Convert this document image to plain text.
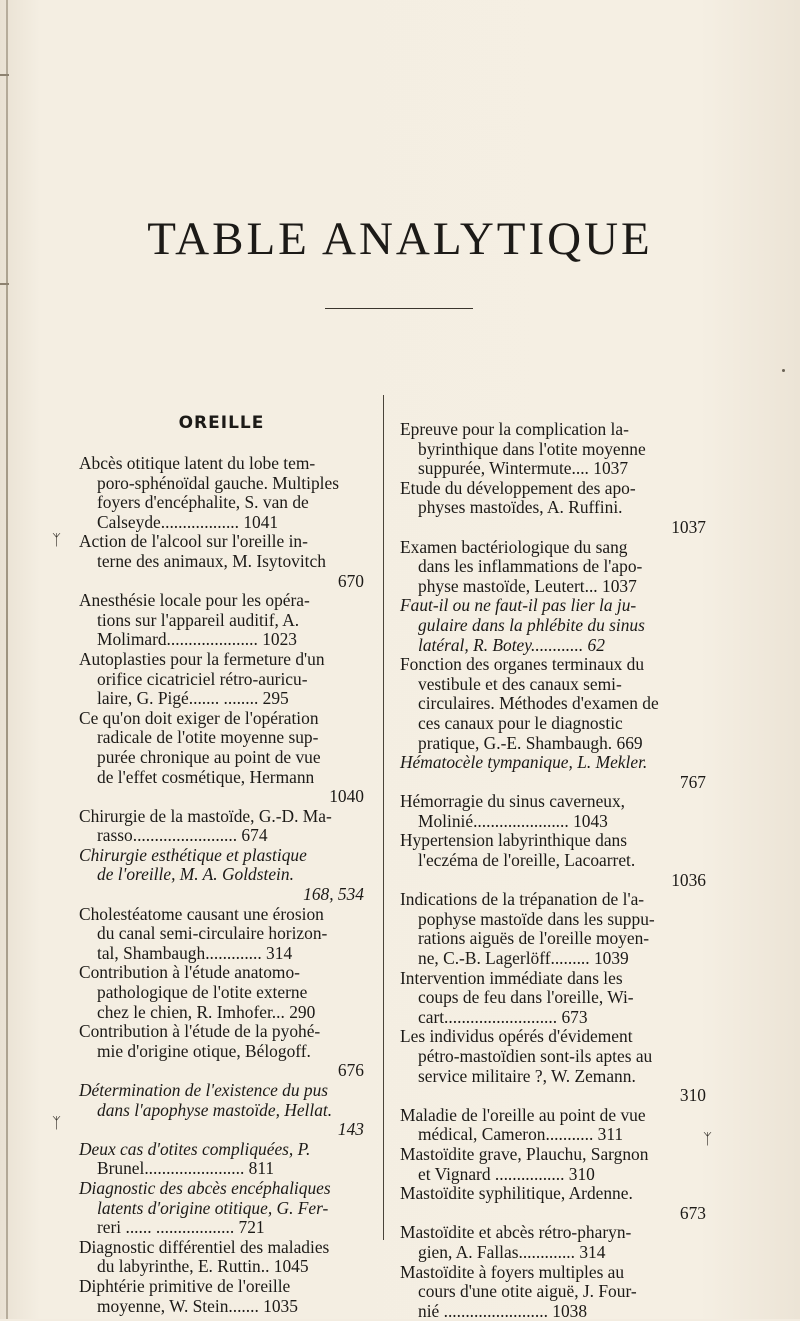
TABLE ANALYTIQUE
OREILLE
Abcès otitique latent du lobe tem-
poro-sphénoïdal gauche. Multiples
foyers d'encéphalite, S. van de
Calseyde.................. 1041
Action de l'alcool sur l'oreille in-
terne des animaux, M. Isytovitch
670
Anesthésie locale pour les opéra-
tions sur l'appareil auditif, A.
Molimard..................... 1023
Autoplasties pour la fermeture d'un
orifice cicatriciel rétro-auricu-
laire, G. Pigé....... ........ 295
Ce qu'on doit exiger de l'opération
radicale de l'otite moyenne sup-
purée chronique au point de vue
de l'effet cosmétique, Hermann
1040
Chirurgie de la mastoïde, G.-D. Ma-
rasso........................ 674
Chirurgie esthétique et plastique
de l'oreille, M. A. Goldstein.
168, 534
Cholestéatome causant une érosion
du canal semi-circulaire horizon-
tal, Shambaugh............. 314
Contribution à l'étude anatomo-
pathologique de l'otite externe
chez le chien, R. Imhofer... 290
Contribution à l'étude de la pyohé-
mie d'origine otique, Bélogoff.
676
Détermination de l'existence du pus
dans l'apophyse mastoïde, Hellat.
143
Deux cas d'otites compliquées, P.
Brunel....................... 811
Diagnostic des abcès encéphaliques
latents d'origine otitique, G. Fer-
reri ...... .................. 721
Diagnostic différentiel des maladies
du labyrinthe, E. Ruttin.. 1045
Diphtérie primitive de l'oreille
moyenne, W. Stein....... 1035
Epreuve pour la complication la-
byrinthique dans l'otite moyenne
suppurée, Wintermute.... 1037
Etude du développement des apo-
physes mastoïdes, A. Ruffini.
1037
Examen bactériologique du sang
dans les inflammations de l'apo-
physe mastoïde, Leutert... 1037
Faut-il ou ne faut-il pas lier la ju-
gulaire dans la phlébite du sinus
latéral, R. Botey............ 62
Fonction des organes terminaux du
vestibule et des canaux semi-
circulaires. Méthodes d'examen de
ces canaux pour le diagnostic
pratique, G.-E. Shambaugh. 669
Hématocèle tympanique, L. Mekler.
767
Hémorragie du sinus caverneux,
Molinié...................... 1043
Hypertension labyrinthique dans
l'eczéma de l'oreille, Lacoarret.
1036
Indications de la trépanation de l'a-
pophyse mastoïde dans les suppu-
rations aiguës de l'oreille moyen-
ne, C.-B. Lagerlöff......... 1039
Intervention immédiate dans les
coups de feu dans l'oreille, Wi-
cart.......................... 673
Les individus opérés d'évidement
pétro-mastoïdien sont-ils aptes au
service militaire ?, W. Zemann.
310
Maladie de l'oreille au point de vue
médical, Cameron........... 311
Mastoïdite grave, Plauchu, Sargnon
et Vignard ................ 310
Mastoïdite syphilitique, Ardenne.
673
Mastoïdite et abcès rétro-pharyn-
gien, A. Fallas............. 314
Mastoïdite à foyers multiples au
cours d'une otite aiguë, J. Four-
nié ........................ 1038
ᛉ
ᛉ
ᛉ
